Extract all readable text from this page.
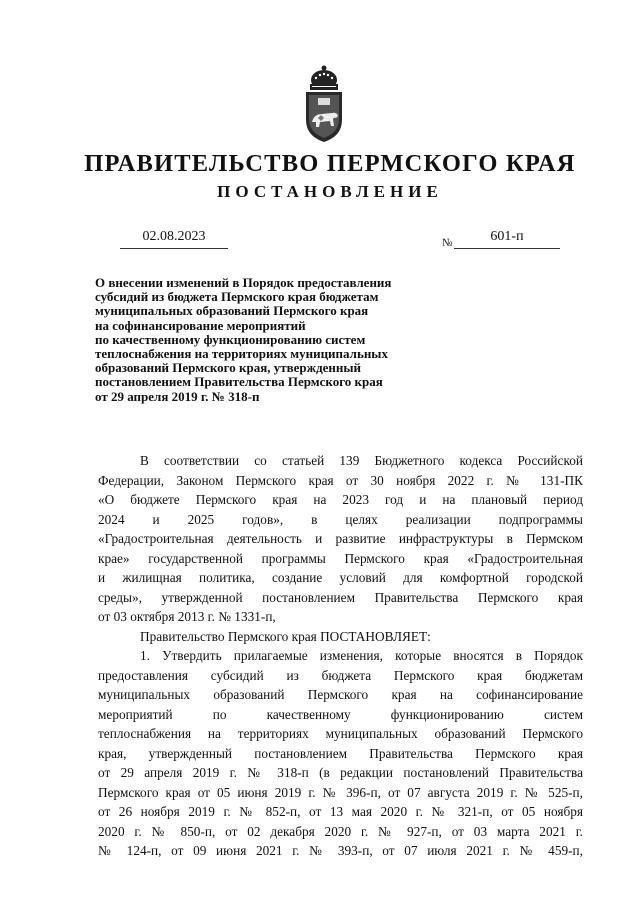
ПРАВИТЕЛЬСТВО ПЕРМСКОГО КРАЯ
ПОСТАНОВЛЕНИЕ
02.08.2023	№	601-п
О внесении изменений в Порядок предоставления
субсидий из бюджета Пермского края бюджетам
муниципальных образований Пермского края
на софинансирование мероприятий
по качественному функционированию систем
теплоснабжения на территориях муниципальных
образований Пермского края, утвержденный
постановлением Правительства Пермского края
от 29 апреля 2019 г. № 318-п
В соответствии со статьей 139 Бюджетного кодекса Российской
Федерации, Законом Пермского края от 30 ноября 2022 г. № 131-ПК
«О бюджете Пермского края на 2023 год и на плановый период
2024 и 2025 годов», в целях реализации подпрограммы
«Градостроительная деятельность и развитие инфраструктуры в Пермском
крае» государственной программы Пермского края «Градостроительная
и жилищная политика, создание условий для комфортной городской
среды», утвержденной постановлением Правительства Пермского края
от 03 октября 2013 г. № 1331-п,
Правительство Пермского края ПОСТАНОВЛЯЕТ:
1. Утвердить прилагаемые изменения, которые вносятся в Порядок
предоставления субсидий из бюджета Пермского края бюджетам
муниципальных образований Пермского края на софинансирование
мероприятий по качественному функционированию систем
теплоснабжения на территориях муниципальных образований Пермского
края, утвержденный постановлением Правительства Пермского края
от 29 апреля 2019 г. № 318-п (в редакции постановлений Правительства
Пермского края от 05 июня 2019 г. № 396-п, от 07 августа 2019 г. № 525-п,
от 26 ноября 2019 г. № 852-п, от 13 мая 2020 г. № 321-п, от 05 ноября
2020 г. № 850-п, от 02 декабря 2020 г. № 927-п, от 03 марта 2021 г.
№ 124-п, от 09 июня 2021 г. № 393-п, от 07 июля 2021 г. № 459-п,
